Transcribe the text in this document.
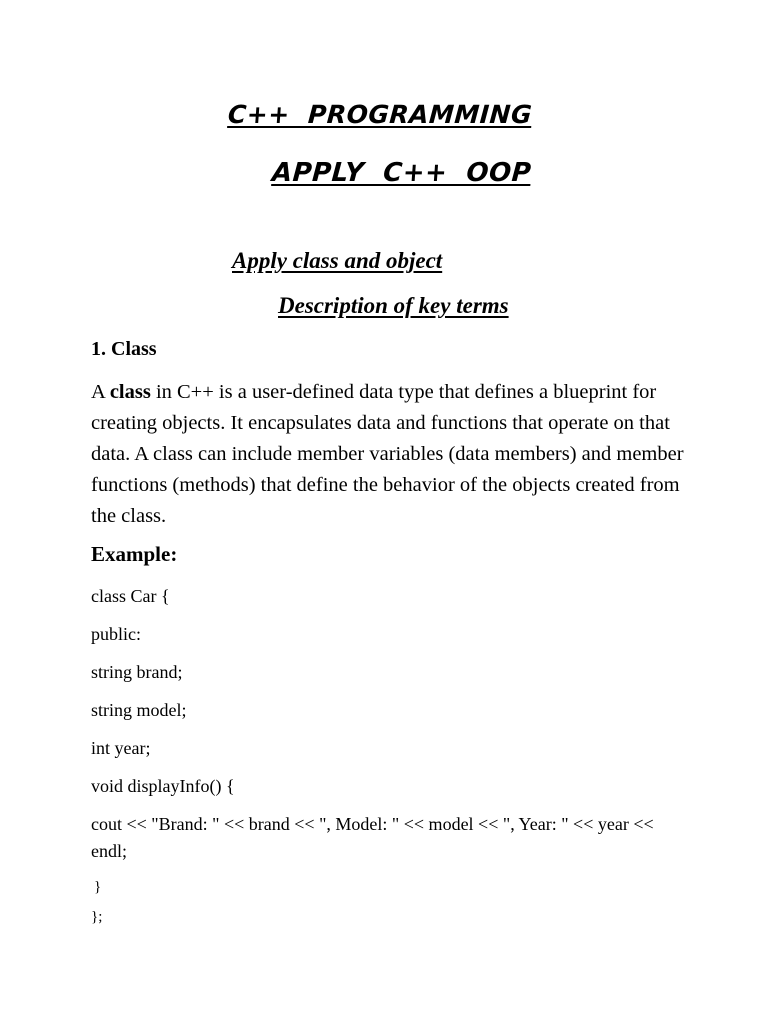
C++  PROGRAMMING
APPLY  C++  OOP
Apply class and object
Description of key terms
1. Class
A class in C++ is a user-defined data type that defines a blueprint for creating objects. It encapsulates data and functions that operate on that data. A class can include member variables (data members) and member functions (methods) that define the behavior of the objects created from the class.
Example:
class Car {
public:
string brand;
string model;
int year;
void displayInfo() {
cout << "Brand: " << brand << ", Model: " << model << ", Year: " << year << endl;
}
};
